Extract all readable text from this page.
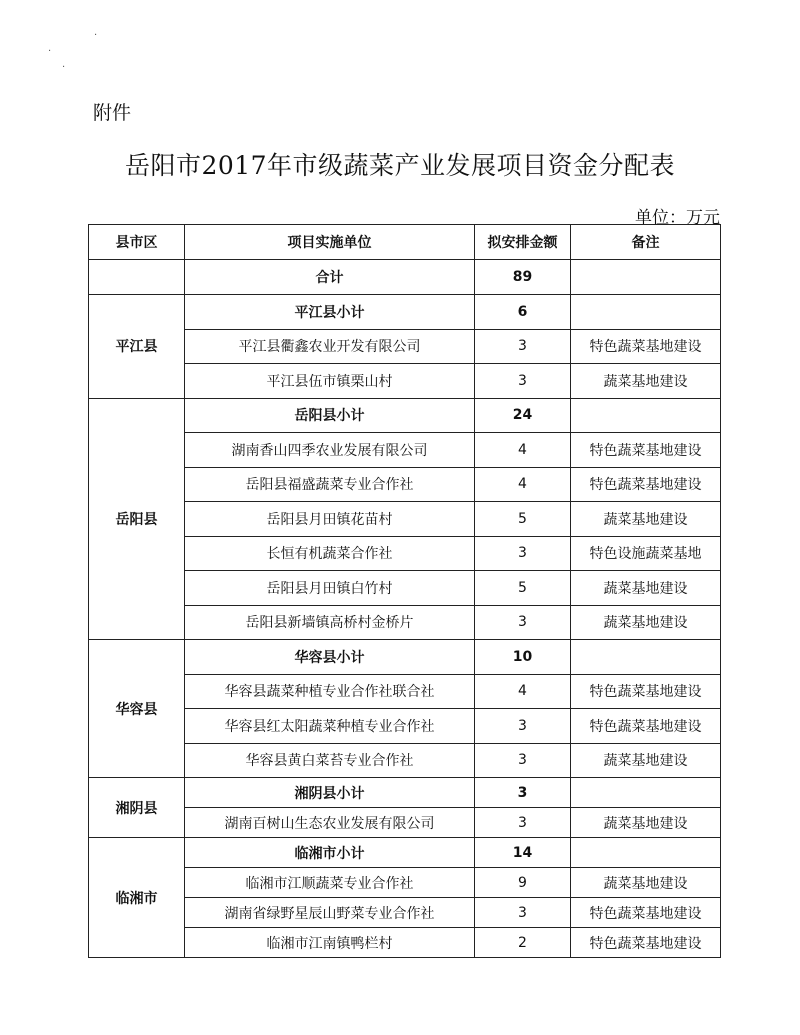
·
·
·
附件
岳阳市2017年市级蔬菜产业发展项目资金分配表
单位：万元
县市区	项目实施单位	拟安排金额	备注
	合计	89	
平江县	平江县小计	6	
	平江县衢鑫农业开发有限公司	3	特色蔬菜基地建设
	平江县伍市镇栗山村	3	蔬菜基地建设
岳阳县	岳阳县小计	24	
	湖南香山四季农业发展有限公司	4	特色蔬菜基地建设
	岳阳县福盛蔬菜专业合作社	4	特色蔬菜基地建设
	岳阳县月田镇花苗村	5	蔬菜基地建设
	长恒有机蔬菜合作社	3	特色设施蔬菜基地
	岳阳县月田镇白竹村	5	蔬菜基地建设
	岳阳县新墙镇高桥村金桥片	3	蔬菜基地建设
华容县	华容县小计	10	
	华容县蔬菜种植专业合作社联合社	4	特色蔬菜基地建设
	华容县红太阳蔬菜种植专业合作社	3	特色蔬菜基地建设
	华容县黄白菜苔专业合作社	3	蔬菜基地建设
湘阴县	湘阴县小计	3	
	湖南百树山生态农业发展有限公司	3	蔬菜基地建设
临湘市	临湘市小计	14	
	临湘市江顺蔬菜专业合作社	9	蔬菜基地建设
	湖南省绿野星辰山野菜专业合作社	3	特色蔬菜基地建设
	临湘市江南镇鸭栏村	2	特色蔬菜基地建设
